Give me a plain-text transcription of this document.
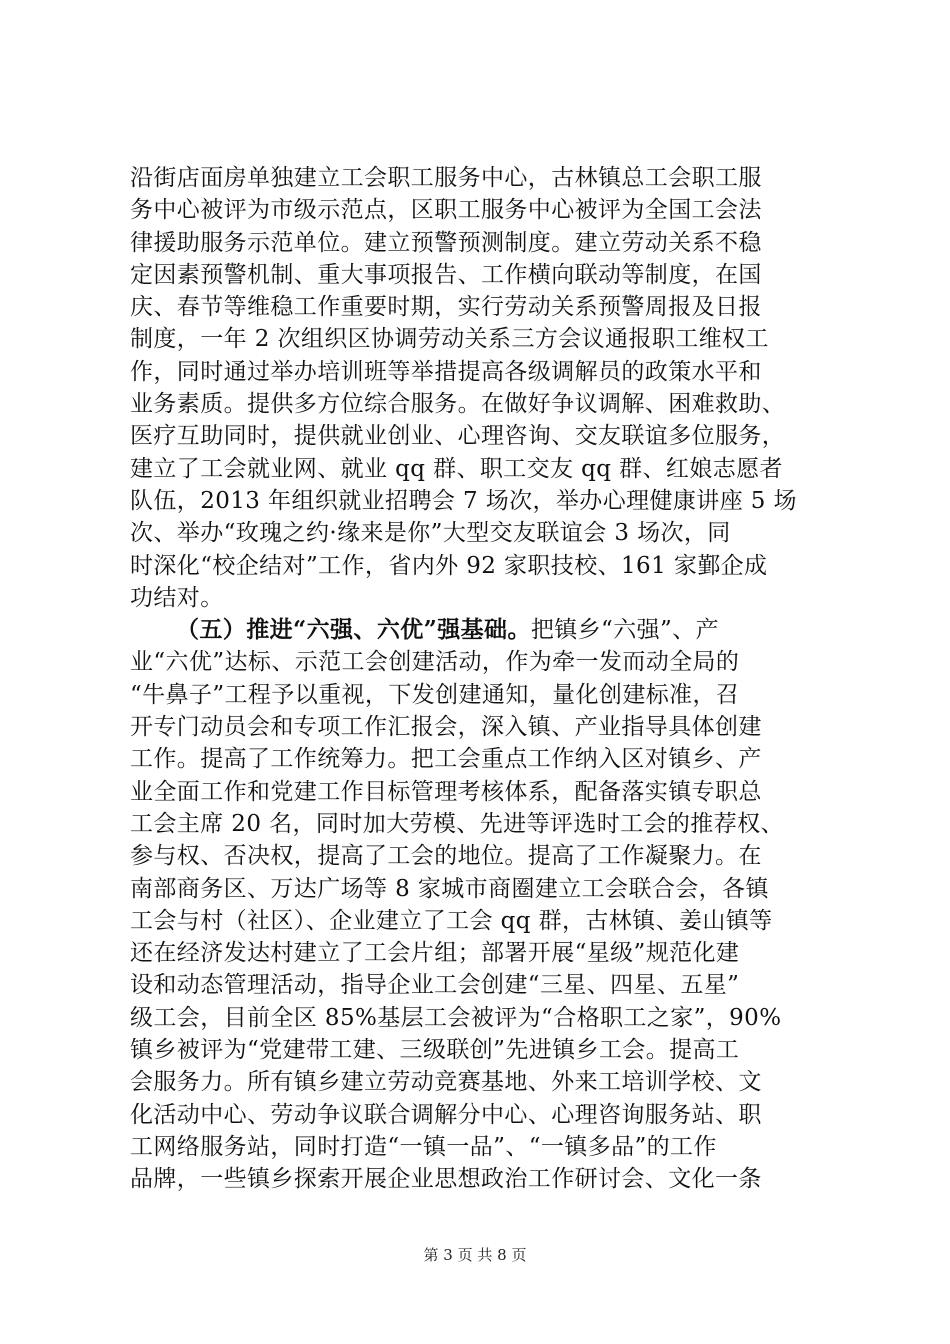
沿街店面房单独建立工会职工服务中心，古林镇总工会职工服
务中心被评为市级示范点，区职工服务中心被评为全国工会法
律援助服务示范单位。建立预警预测制度。建立劳动关系不稳
定因素预警机制、重大事项报告、工作横向联动等制度，在国
庆、春节等维稳工作重要时期，实行劳动关系预警周报及日报
制度，一年 2 次组织区协调劳动关系三方会议通报职工维权工
作，同时通过举办培训班等举措提高各级调解员的政策水平和
业务素质。提供多方位综合服务。在做好争议调解、困难救助、
医疗互助同时，提供就业创业、心理咨询、交友联谊多位服务，
建立了工会就业网、就业 qq 群、职工交友 qq 群、红娘志愿者
队伍，2013 年组织就业招聘会 7 场次，举办心理健康讲座 5 场
次、举办“玫瑰之约·缘来是你”大型交友联谊会 3 场次，同
时深化“校企结对”工作，省内外 92 家职技校、161 家鄞企成
功结对。
（五）推进“六强、六优”强基础。把镇乡“六强”、产
业“六优”达标、示范工会创建活动，作为牵一发而动全局的
“牛鼻子”工程予以重视，下发创建通知，量化创建标准，召
开专门动员会和专项工作汇报会，深入镇、产业指导具体创建
工作。提高了工作统筹力。把工会重点工作纳入区对镇乡、产
业全面工作和党建工作目标管理考核体系，配备落实镇专职总
工会主席 20 名，同时加大劳模、先进等评选时工会的推荐权、
参与权、否决权，提高了工会的地位。提高了工作凝聚力。在
南部商务区、万达广场等 8 家城市商圈建立工会联合会，各镇
工会与村（社区）、企业建立了工会 qq 群，古林镇、姜山镇等
还在经济发达村建立了工会片组；部署开展“星级”规范化建
设和动态管理活动，指导企业工会创建“三星、四星、五星”
级工会，目前全区 85%基层工会被评为“合格职工之家”，90%
镇乡被评为“党建带工建、三级联创”先进镇乡工会。提高工
会服务力。所有镇乡建立劳动竞赛基地、外来工培训学校、文
化活动中心、劳动争议联合调解分中心、心理咨询服务站、职
工网络服务站，同时打造“一镇一品”、“一镇多品”的工作
品牌，一些镇乡探索开展企业思想政治工作研讨会、文化一条
第 3 页 共 8 页
